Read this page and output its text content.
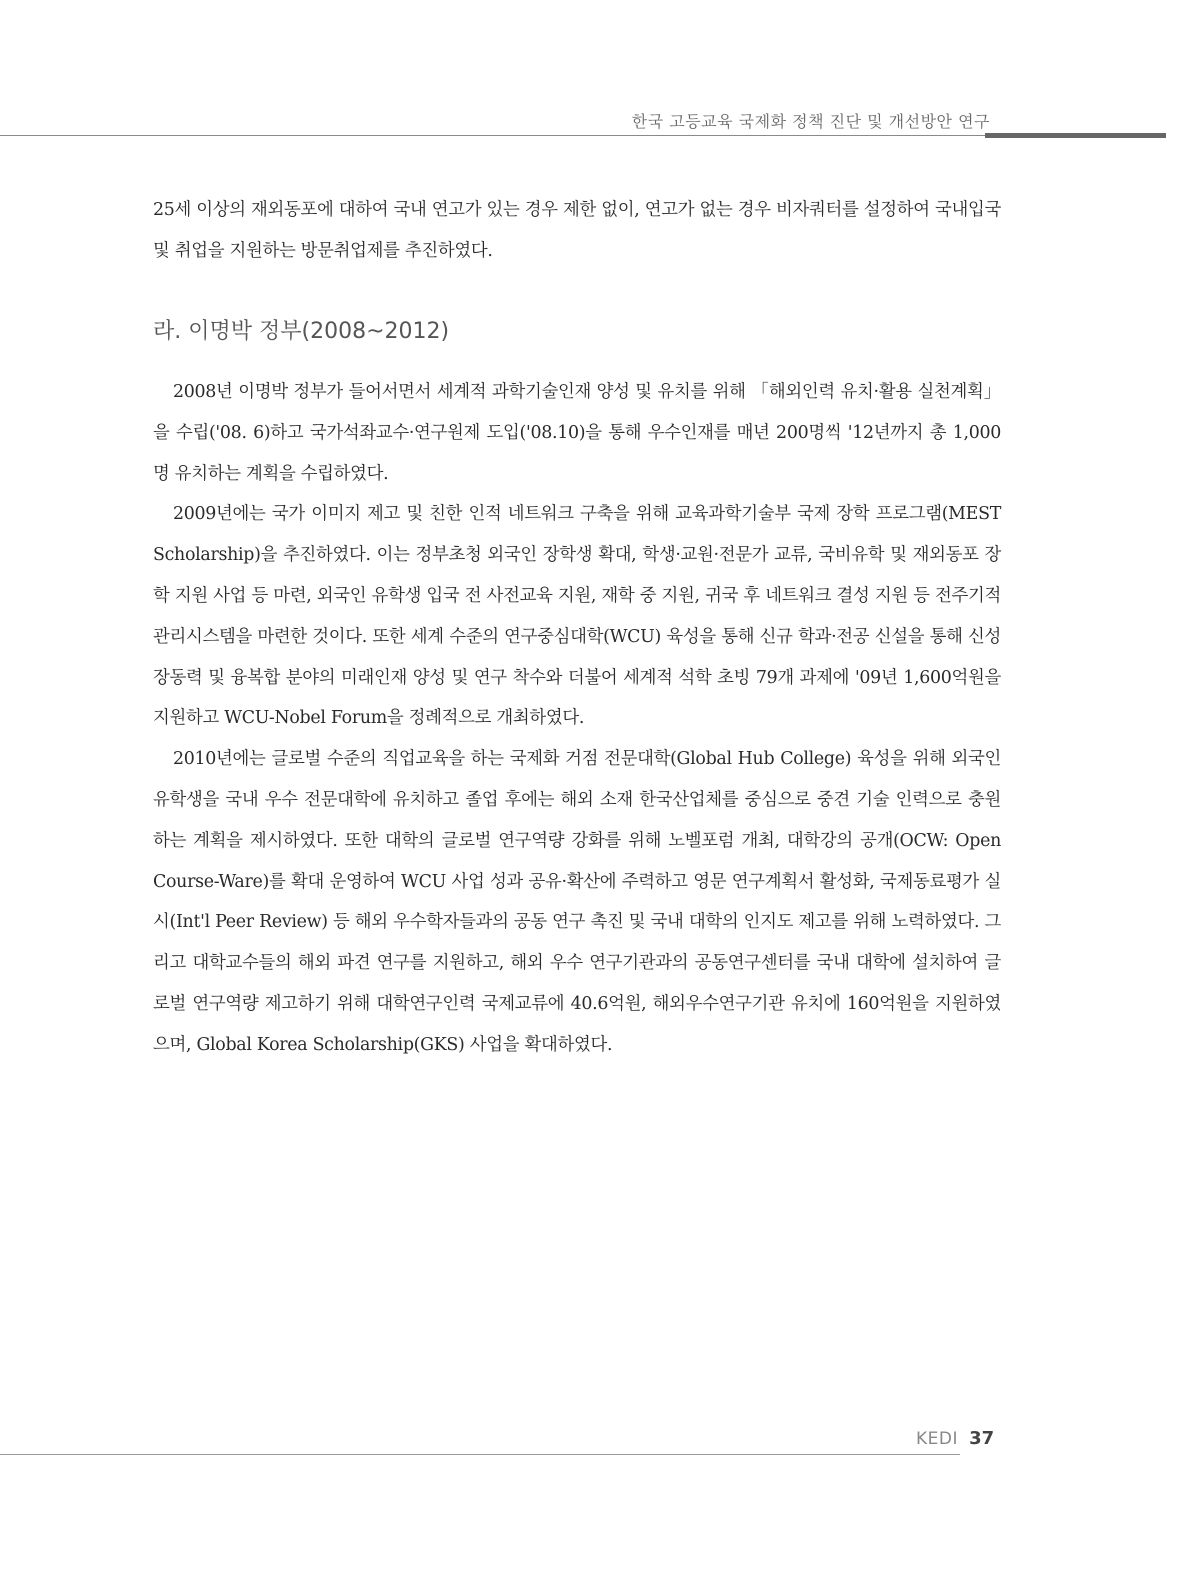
한국 고등교육 국제화 정책 진단 및 개선방안 연구

25세 이상의 재외동포에 대하여 국내 연고가 있는 경우 제한 없이, 연고가 없는 경우 비자쿼터를 설정하여 국내입국 및 취업을 지원하는 방문취업제를 추진하였다.

라. 이명박 정부(2008~2012)

2008년 이명박 정부가 들어서면서 세계적 과학기술인재 양성 및 유치를 위해 「해외인력 유치·활용 실천계획」을 수립('08. 6)하고 국가석좌교수·연구원제 도입('08.10)을 통해 우수인재를 매년 200명씩 '12년까지 총 1,000명 유치하는 계획을 수립하였다.

2009년에는 국가 이미지 제고 및 친한 인적 네트워크 구축을 위해 교육과학기술부 국제 장학 프로그램(MEST Scholarship)을 추진하였다. 이는 정부초청 외국인 장학생 확대, 학생·교원·전문가 교류, 국비유학 및 재외동포 장학 지원 사업 등 마련, 외국인 유학생 입국 전 사전교육 지원, 재학 중 지원, 귀국 후 네트워크 결성 지원 등 전주기적 관리시스템을 마련한 것이다. 또한 세계 수준의 연구중심대학(WCU) 육성을 통해 신규 학과·전공 신설을 통해 신성장동력 및 융복합 분야의 미래인재 양성 및 연구 착수와 더불어 세계적 석학 초빙 79개 과제에 '09년 1,600억원을 지원하고 WCU-Nobel Forum을 정례적으로 개최하였다.

2010년에는 글로벌 수준의 직업교육을 하는 국제화 거점 전문대학(Global Hub College) 육성을 위해 외국인 유학생을 국내 우수 전문대학에 유치하고 졸업 후에는 해외 소재 한국산업체를 중심으로 중견 기술 인력으로 충원하는 계획을 제시하였다. 또한 대학의 글로벌 연구역량 강화를 위해 노벨포럼 개최, 대학강의 공개(OCW: Open Course-Ware)를 확대 운영하여 WCU 사업 성과 공유·확산에 주력하고 영문 연구계획서 활성화, 국제동료평가 실시(Int'l Peer Review) 등 해외 우수학자들과의 공동 연구 촉진 및 국내 대학의 인지도 제고를 위해 노력하였다. 그리고 대학교수들의 해외 파견 연구를 지원하고, 해외 우수 연구기관과의 공동연구센터를 국내 대학에 설치하여 글로벌 연구역량 제고하기 위해 대학연구인력 국제교류에 40.6억원, 해외우수연구기관 유치에 160억원을 지원하였으며, Global Korea Scholarship(GKS) 사업을 확대하였다.

KEDI 37
